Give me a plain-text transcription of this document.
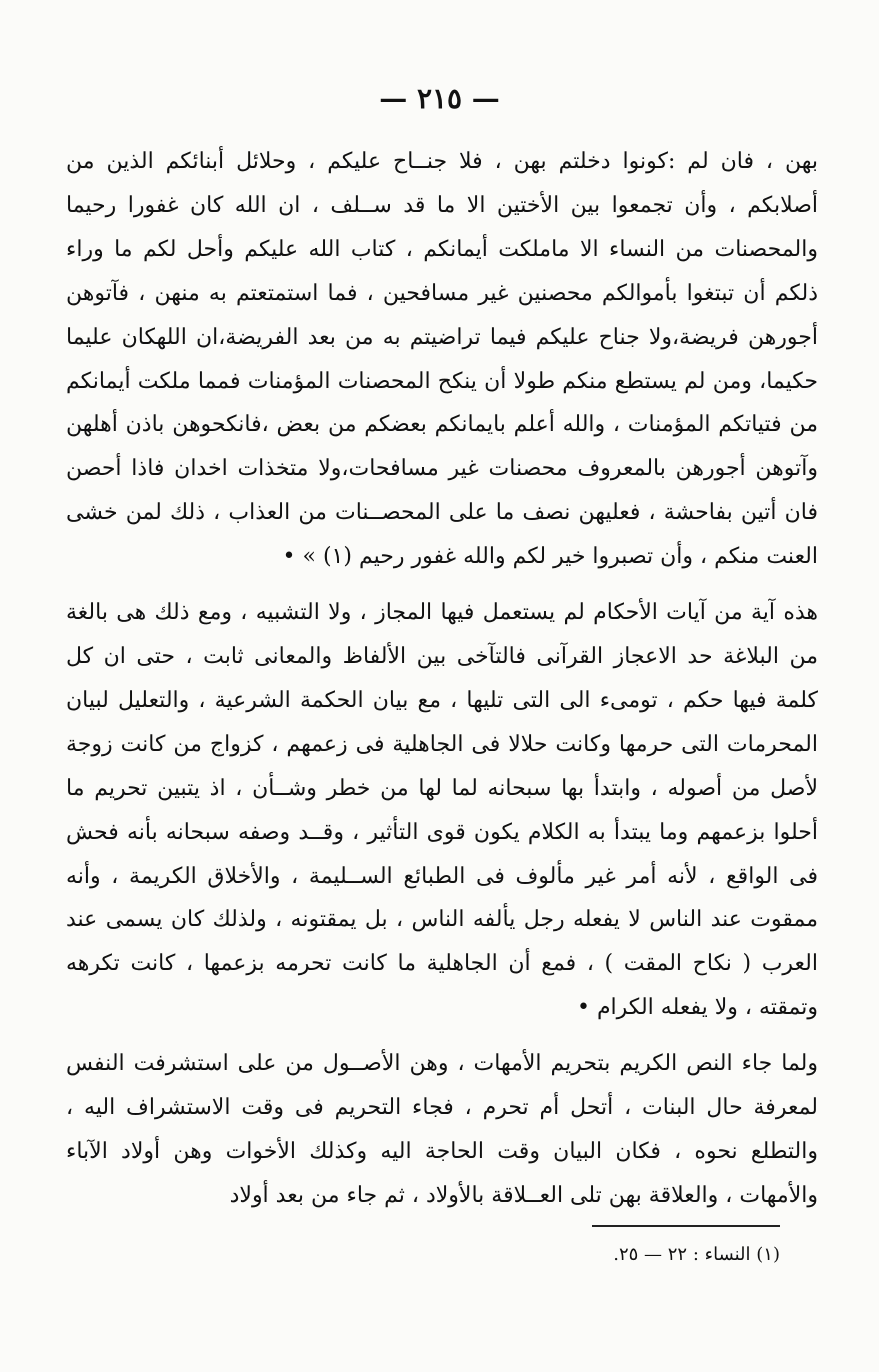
— ٢١٥ —

بهن ، فان لم :كونوا دخلتم بهن ، فلا جنــاح عليكم ، وحلائل أبنائكم الذين من أصلابكم ، وأن تجمعوا بين الأختين الا ما قد ســلف ، ان الله كان غفورا رحيما والمحصنات من النساء الا ماملكت أيمانكم ، كتاب الله عليكم وأحل لكم ما وراء ذلكم أن تبتغوا بأموالكم محصنين غير مسافحين ، فما استمتعتم به منهن ، فآتوهن أجورهن فريضة،ولا جناح عليكم فيما تراضيتم به من بعد الفريضة،ان اللهكان عليما حكيما، ومن لم يستطع منكم طولا أن ينكح المحصنات المؤمنات فمما ملكت أيمانكم من فتياتكم المؤمنات ، والله أعلم بايمانكم بعضكم من بعض ،فانكحوهن باذن أهلهن وآتوهن أجورهن بالمعروف محصنات غير مسافحات،ولا متخذات اخدان فاذا أحصن فان أتين بفاحشة ، فعليهن نصف ما على المحصــنات من العذاب ، ذلك لمن خشى العنت منكم ، وأن تصبروا خير لكم والله غفور رحيم (١) » •

هذه آية من آيات الأحكام لم يستعمل فيها المجاز ، ولا التشبيه ، ومع ذلك هى بالغة من البلاغة حد الاعجاز القرآنى فالتآخى بين الألفاظ والمعانى ثابت ، حتى ان كل كلمة فيها حكم ، تومىء الى التى تليها ، مع بيان الحكمة الشرعية ، والتعليل لبيان المحرمات التى حرمها وكانت حلالا فى الجاهلية فى زعمهم ، كزواج من كانت زوجة لأصل من أصوله ، وابتدأ بها سبحانه لما لها من خطر وشــأن ، اذ يتبين تحريم ما أحلوا بزعمهم وما يبتدأ به الكلام يكون قوى التأثير ، وقــد وصفه سبحانه بأنه فحش فى الواقع ، لأنه أمر غير مألوف فى الطبائع الســليمة ، والأخلاق الكريمة ، وأنه ممقوت عند الناس لا يفعله رجل يألفه الناس ، بل يمقتونه ، ولذلك كان يسمى عند العرب ( نكاح المقت ) ، فمع أن الجاهلية ما كانت تحرمه بزعمها ، كانت تكرهه وتمقته ، ولا يفعله الكرام •

ولما جاء النص الكريم بتحريم الأمهات ، وهن الأصــول من على استشرفت النفس لمعرفة حال البنات ، أتحل أم تحرم ، فجاء التحريم فى وقت الاستشراف اليه ، والتطلع نحوه ، فكان البيان وقت الحاجة اليه وكذلك الأخوات وهن أولاد الآباء والأمهات ، والعلاقة بهن تلى العــلاقة بالأولاد ، ثم جاء من بعد أولاد

(١) النساء : ٢٢ — ٢٥.
